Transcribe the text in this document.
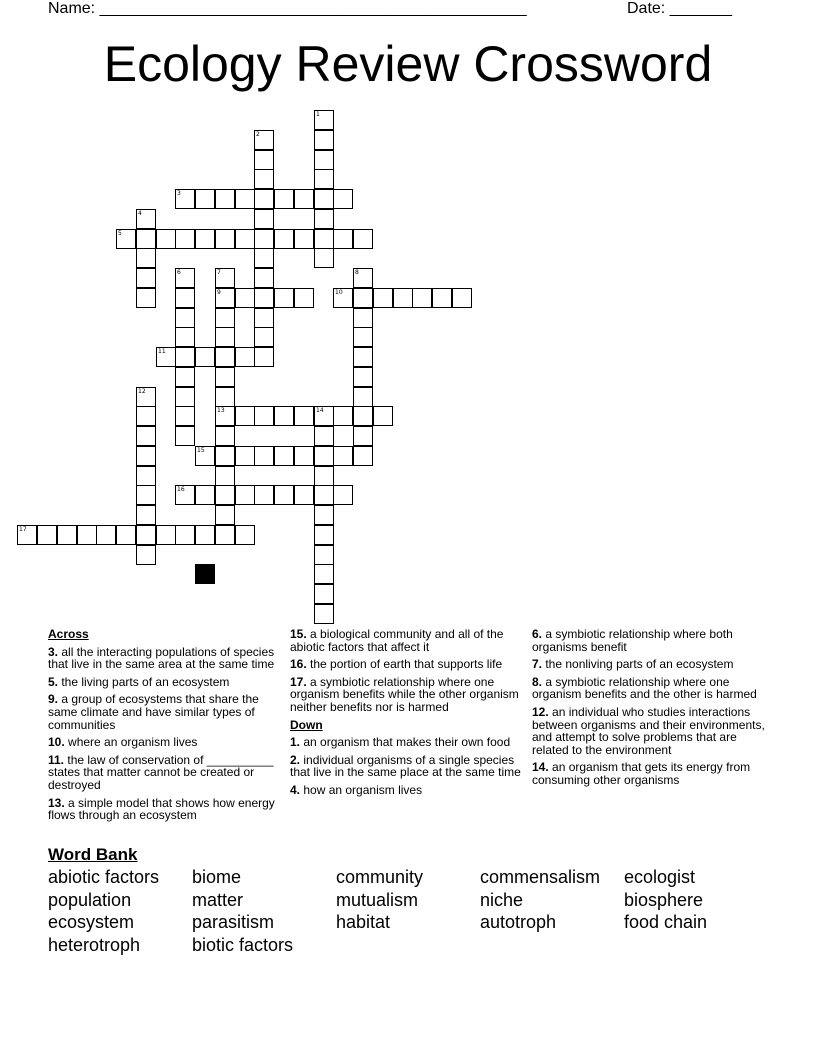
Name: ________________________________________________	Date: _______
Ecology Review Crossword
1
2
3
4
5
6	7
9
13
8
10
11
12
14
15
16
17
Across
3. all the interacting populations of species that live in the same area at the same time
5. the living parts of an ecosystem
9. a group of ecosystems that share the same climate and have similar types of communities
10. where an organism lives
11. the law of conservation of __________ states that matter cannot be created or destroyed
13. a simple model that shows how energy flows through an ecosystem
15. a biological community and all of the abiotic factors that affect it
16. the portion of earth that supports life
17. a symbiotic relationship where one organism benefits while the other organism neither benefits nor is harmed
Down
1. an organism that makes their own food
2. individual organisms of a single species that live in the same place at the same time
4. how an organism lives
6. a symbiotic relationship where both organisms benefit
7. the nonliving parts of an ecosystem
8. a symbiotic relationship where one organism benefits and the other is harmed
12. an individual who studies interactions between organisms and their environments, and attempt to solve problems that are related to the environment
14. an organism that gets its energy from consuming other organisms
Word Bank
abiotic factors	biome	community	commensalism	ecologist
population	matter	mutualism	niche	biosphere
ecosystem	parasitism	habitat	autotroph	food chain
heterotroph	biotic factors
